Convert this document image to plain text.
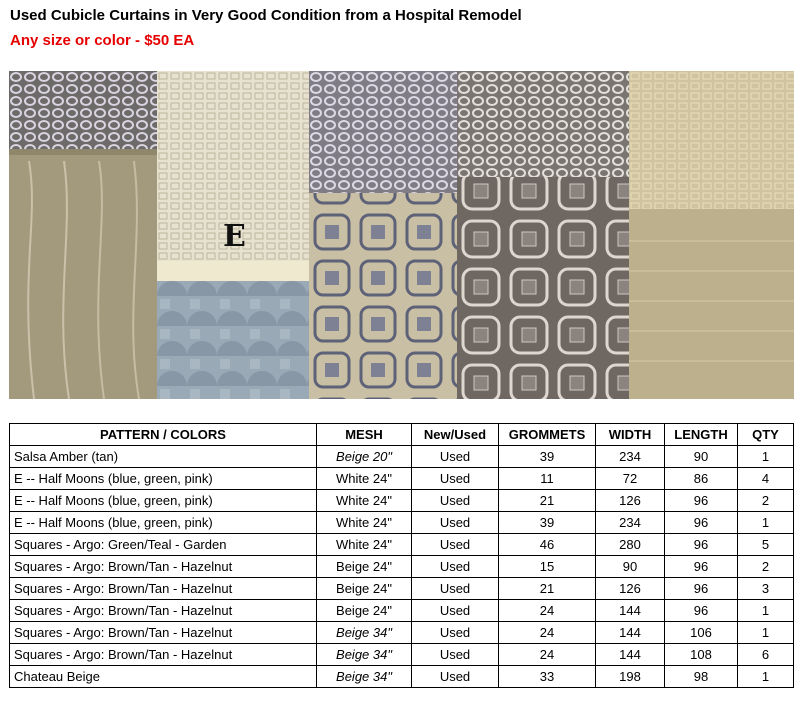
Used Cubicle Curtains in Very Good Condition from a Hospital Remodel
Any size or color - $50 EA
E
PATTERN / COLORS	MESH	New/Used	GROMMETS	WIDTH	LENGTH	QTY
Salsa Amber (tan)	Beige 20"	Used	39	234	90	1
E -- Half Moons (blue, green, pink)	White 24"	Used	11	72	86	4
E -- Half Moons (blue, green, pink)	White 24"	Used	21	126	96	2
E -- Half Moons (blue, green, pink)	White 24"	Used	39	234	96	1
Squares - Argo: Green/Teal - Garden	White 24"	Used	46	280	96	5
Squares - Argo: Brown/Tan - Hazelnut	Beige 24"	Used	15	90	96	2
Squares - Argo: Brown/Tan - Hazelnut	Beige 24"	Used	21	126	96	3
Squares - Argo: Brown/Tan - Hazelnut	Beige 24"	Used	24	144	96	1
Squares - Argo: Brown/Tan - Hazelnut	Beige 34"	Used	24	144	106	1
Squares - Argo: Brown/Tan - Hazelnut	Beige 34"	Used	24	144	108	6
Chateau Beige	Beige 34"	Used	33	198	98	1
